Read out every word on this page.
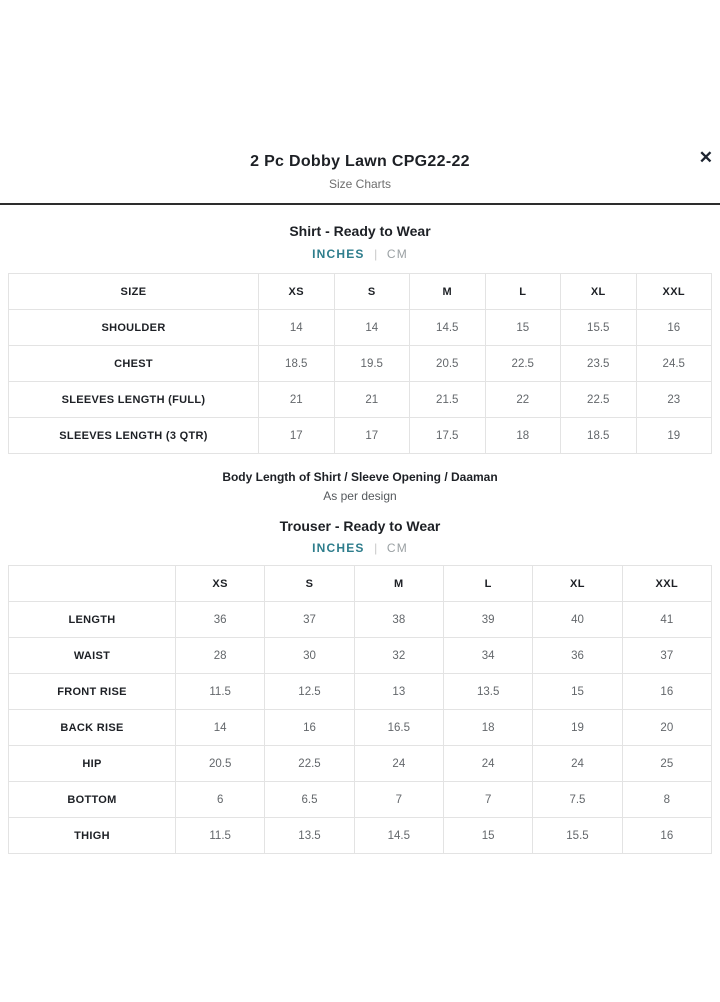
2 Pc Dobby Lawn CPG22-22
Size Charts
✕
Shirt - Ready to Wear
INCHES | CM
SIZE	XS	S	M	L	XL	XXL
SHOULDER	14	14	14.5	15	15.5	16
CHEST	18.5	19.5	20.5	22.5	23.5	24.5
SLEEVES LENGTH (FULL)	21	21	21.5	22	22.5	23
SLEEVES LENGTH (3 QTR)	17	17	17.5	18	18.5	19
Body Length of Shirt / Sleeve Opening / Daaman
As per design
Trouser - Ready to Wear
INCHES | CM
	XS	S	M	L	XL	XXL
LENGTH	36	37	38	39	40	41
WAIST	28	30	32	34	36	37
FRONT RISE	11.5	12.5	13	13.5	15	16
BACK RISE	14	16	16.5	18	19	20
HIP	20.5	22.5	24	24	24	25
BOTTOM	6	6.5	7	7	7.5	8
THIGH	11.5	13.5	14.5	15	15.5	16
